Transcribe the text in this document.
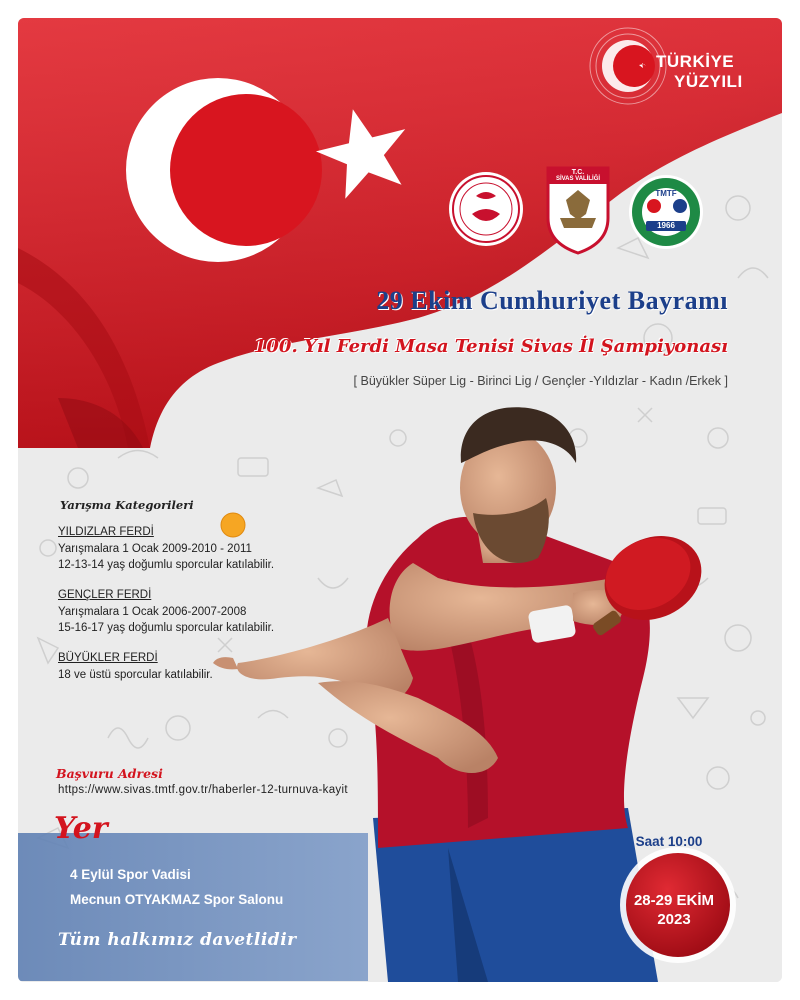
TÜRKİYE
YÜZYILI
T.C.
SİVAS VALİLİĞİ
1966
TMTF
29 Ekim Cumhuriyet Bayramı
100. Yıl Ferdi Masa Tenisi Sivas İl Şampiyonası
[ Büyükler Süper Lig - Birinci Lig / Gençler -Yıldızlar - Kadın /Erkek ]
Yarışma Kategorileri
YILDIZLAR FERDİ
Yarışmalara 1 Ocak 2009-2010 - 2011
12-13-14 yaş doğumlu sporcular katılabilir.
GENÇLER FERDİ
Yarışmalara 1 Ocak 2006-2007-2008
15-16-17 yaş doğumlu sporcular katılabilir.
BÜYÜKLER FERDİ
18 ve üstü sporcular katılabilir.
Başvuru Adresi
https://www.sivas.tmtf.gov.tr/haberler-12-turnuva-kayit
Yer
4 Eylül Spor Vadisi
Mecnun OTYAKMAZ Spor Salonu
Tüm halkımız davetlidir
Saat 10:00
28-29 EKİM
2023
